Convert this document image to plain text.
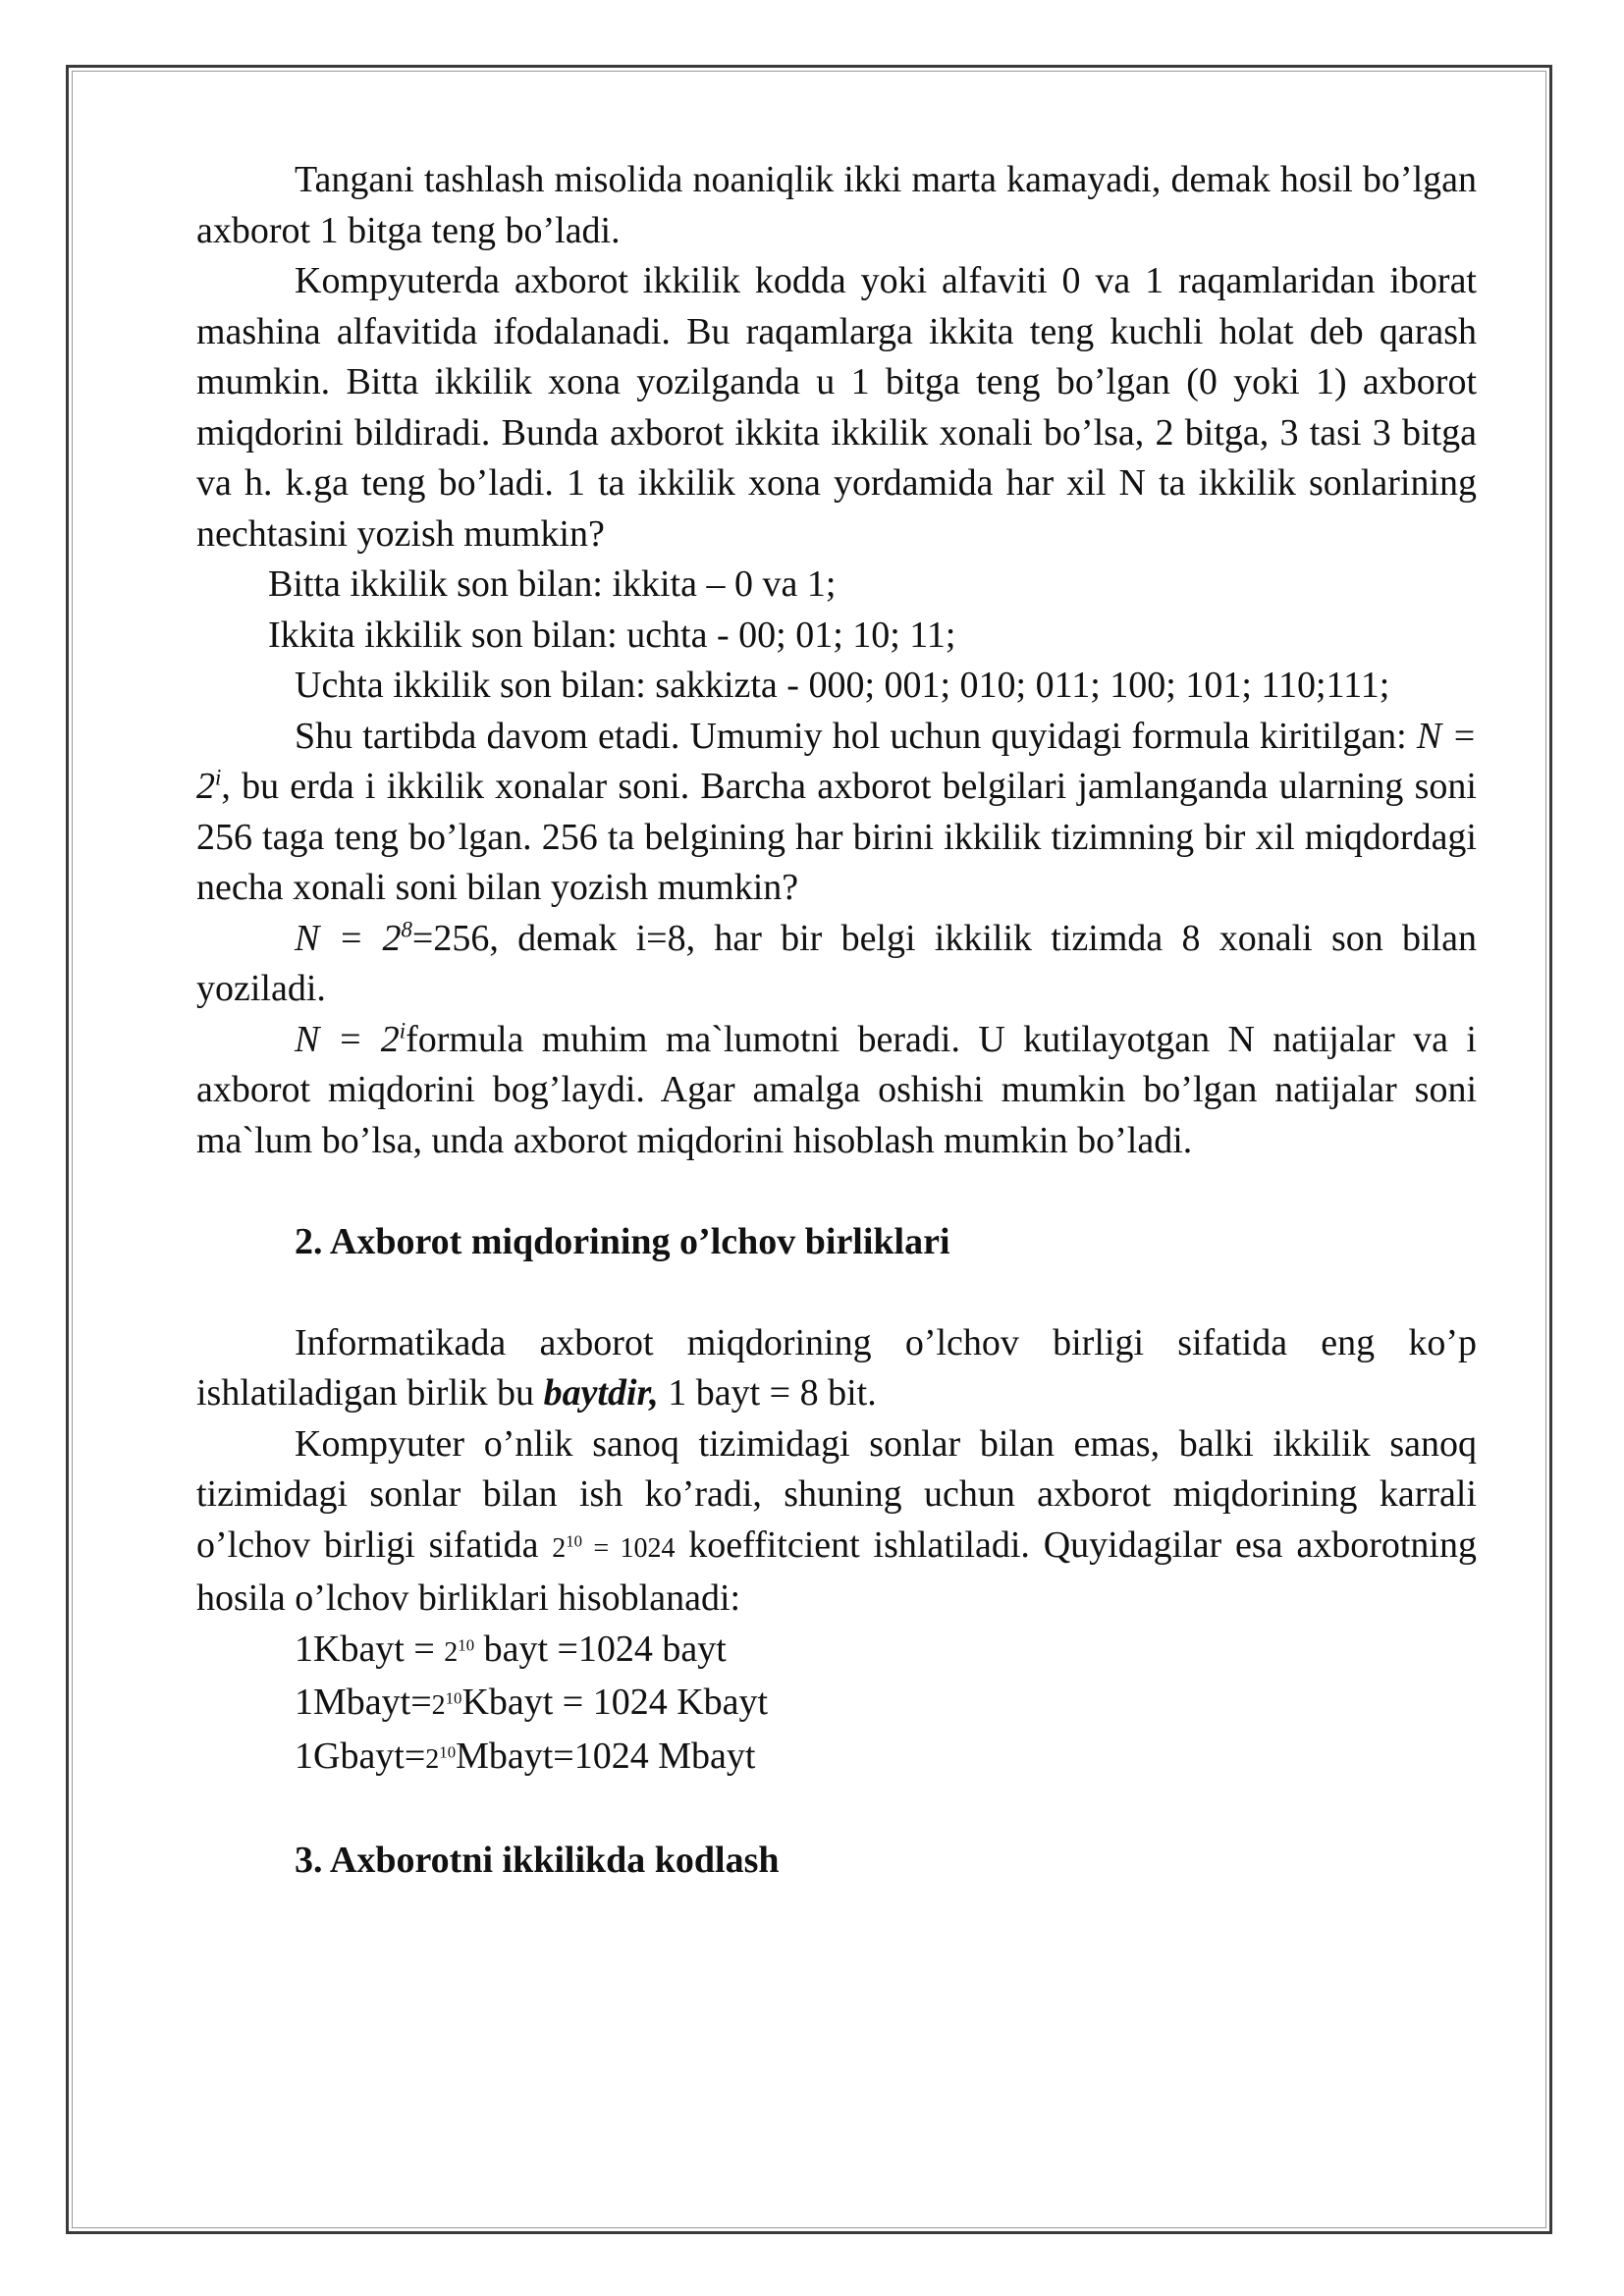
Tangani tashlash misolida noaniqlik ikki marta kamayadi, demak hosil bo’lgan axborot 1 bitga teng bo’ladi.

Kompyuterda axborot ikkilik kodda yoki alfaviti 0 va 1 raqamlaridan iborat mashina alfavitida ifodalanadi. Bu raqamlarga ikkita teng kuchli holat deb qarash mumkin. Bitta ikkilik xona yozilganda u 1 bitga teng bo’lgan (0 yoki 1) axborot miqdorini bildiradi. Bunda axborot ikkita ikkilik xonali bo’lsa, 2 bitga, 3 tasi 3 bitga va h. k.ga teng bo’ladi. 1 ta ikkilik xona yordamida har xil N ta ikkilik sonlarining nechtasini yozish mumkin?

Bitta ikkilik son bilan: ikkita – 0 va 1;

Ikkita ikkilik son bilan: uchta - 00; 01; 10; 11;

Uchta ikkilik son bilan: sakkizta - 000; 001; 010; 011; 100; 101; 110;111;

Shu tartibda davom etadi. Umumiy hol uchun quyidagi formula kiritilgan: $N = 2^i$, bu erda i ikkilik xonalar soni. Barcha axborot belgilari jamlanganda ularning soni 256 taga teng bo’lgan. 256 ta belgining har birini ikkilik tizimning bir xil miqdordagi necha xonali soni bilan yozish mumkin?

$N = 2^8=256$, demak i=8, har bir belgi ikkilik tizimda 8 xonali son bilan yoziladi.

$N = 2^iformula$ muhim ma`lumotni beradi. U kutilayotgan N natijalar va i axborot miqdorini bog’laydi. Agar amalga oshishi mumkin bo’lgan natijalar soni ma`lum bo’lsa, unda axborot miqdorini hisoblash mumkin bo’ladi.

2. Axborot miqdorining o’lchov birliklari

Informatikada axborot miqdorining o’lchov birligi sifatida eng ko’p ishlatiladigan birlik bu baytdir, 1 bayt = 8 bit.

Kompyuter o’nlik sanoq tizimidagi sonlar bilan emas, balki ikkilik sanoq tizimidagi sonlar bilan ish ko’radi, shuning uchun axborot miqdorining karrali o’lchov birligi sifatida $2^{10} = 1024$ koeffitcient ishlatiladi. Quyidagilar esa axborotning hosila o’lchov birliklari hisoblanadi:

1Kbayt = $2^{10}$ bayt =1024 bayt

$1Mbayt=2^{10}Kbayt = 1024$ Kbayt

$1Gbayt=2^{10}Mbayt=1024$ Mbayt

3. Axborotni ikkilikda kodlash
